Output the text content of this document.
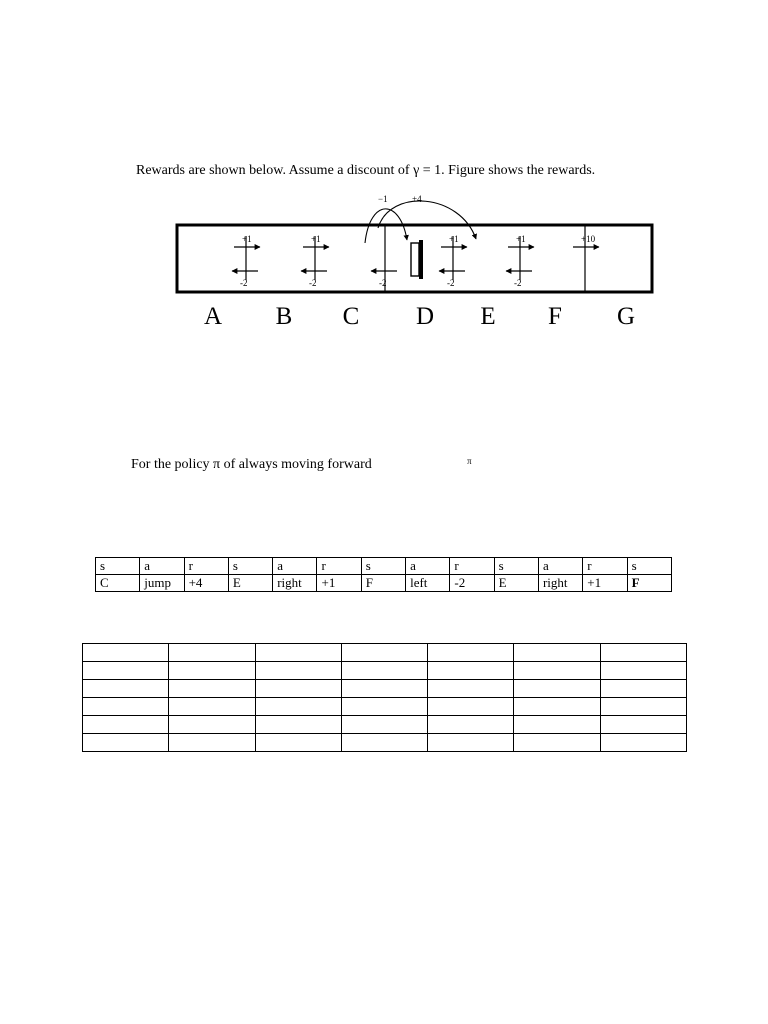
Rewards are shown below. Assume a discount of γ = 1. Figure shows the rewards.
+1
-2
+1
-2	-2
+1
-2
+1
-2
+10
−1	+4
A B C D E F G
For the policy π of always moving forward	π
s	a	r	s	a	r	s	a	r	s	a	r	s
C	jump	+4	E	right	+1	F	left	-2	E	right	+1	F
